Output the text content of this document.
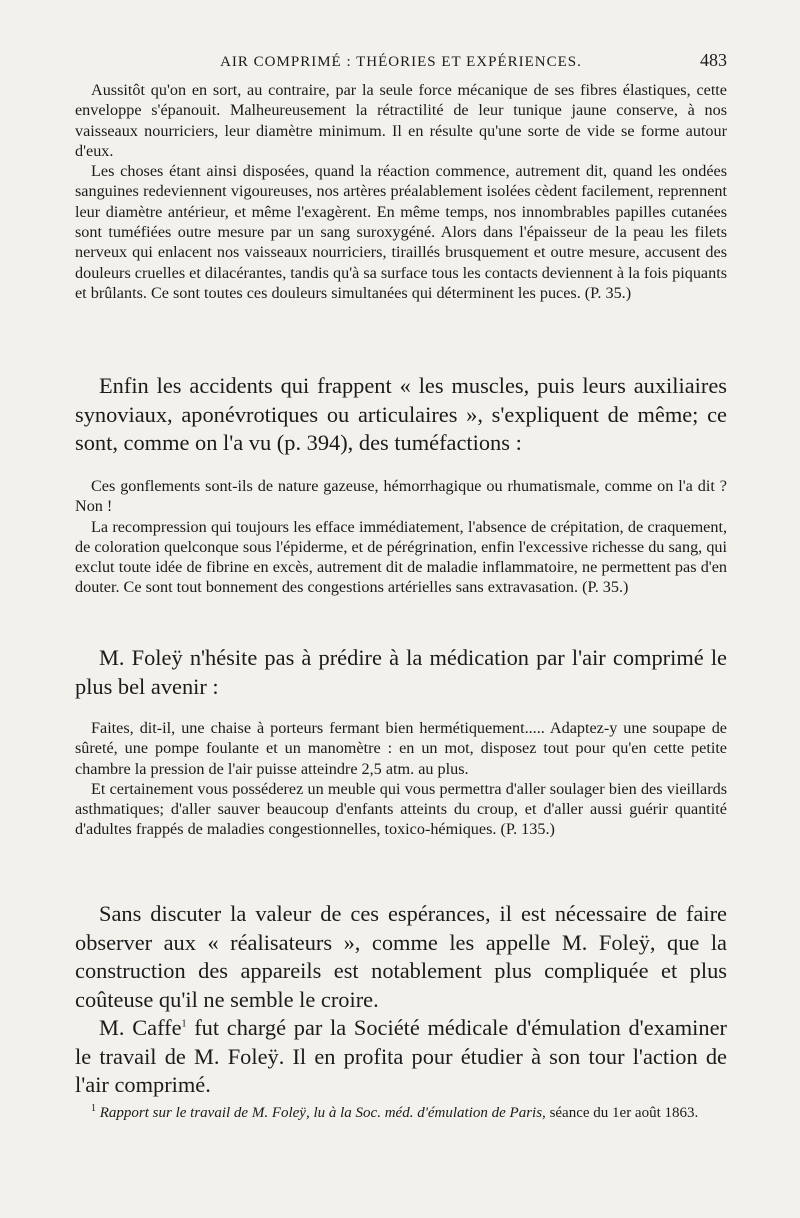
AIR COMPRIMÉ : THÉORIES ET EXPÉRIENCES.	483

Aussitôt qu'on en sort, au contraire, par la seule force mécanique de ses fibres élastiques, cette enveloppe s'épanouit. Malheureusement la rétractilité de leur tunique jaune conserve, à nos vaisseaux nourriciers, leur diamètre minimum. Il en résulte qu'une sorte de vide se forme autour d'eux.

Les choses étant ainsi disposées, quand la réaction commence, autrement dit, quand les ondées sanguines redeviennent vigoureuses, nos artères préalablement isolées cèdent facilement, reprennent leur diamètre antérieur, et même l'exagèrent. En même temps, nos innombrables papilles cutanées sont tuméfiées outre mesure par un sang suroxygéné. Alors dans l'épaisseur de la peau les filets nerveux qui enlacent nos vaisseaux nourriciers, tiraillés brusquement et outre mesure, accusent des douleurs cruelles et dilacérantes, tandis qu'à sa surface tous les contacts deviennent à la fois piquants et brûlants. Ce sont toutes ces douleurs simultanées qui déterminent les puces. (P. 35.)

Enfin les accidents qui frappent « les muscles, puis leurs auxiliaires synoviaux, aponévrotiques ou articulaires », s'expliquent de même; ce sont, comme on l'a vu (p. 394), des tuméfactions :

Ces gonflements sont-ils de nature gazeuse, hémorrhagique ou rhumatismale, comme on l'a dit ? Non !

La recompression qui toujours les efface immédiatement, l'absence de crépitation, de craquement, de coloration quelconque sous l'épiderme, et de pérégrination, enfin l'excessive richesse du sang, qui exclut toute idée de fibrine en excès, autrement dit de maladie inflammatoire, ne permettent pas d'en douter. Ce sont tout bonnement des congestions artérielles sans extravasation. (P. 35.)

M. Foleÿ n'hésite pas à prédire à la médication par l'air comprimé le plus bel avenir :

Faites, dit-il, une chaise à porteurs fermant bien hermétiquement..... Adaptez-y une soupape de sûreté, une pompe foulante et un manomètre : en un mot, disposez tout pour qu'en cette petite chambre la pression de l'air puisse atteindre 2,5 atm. au plus.

Et certainement vous posséderez un meuble qui vous permettra d'aller soulager bien des vieillards asthmatiques; d'aller sauver beaucoup d'enfants atteints du croup, et d'aller aussi guérir quantité d'adultes frappés de maladies congestionnelles, toxico-hémiques. (P. 135.)

Sans discuter la valeur de ces espérances, il est nécessaire de faire observer aux « réalisateurs », comme les appelle M. Foleÿ, que la construction des appareils est notablement plus compliquée et plus coûteuse qu'il ne semble le croire.

M. Caffe$^1$ fut chargé par la Société médicale d'émulation d'examiner le travail de M. Foleÿ. Il en profita pour étudier à son tour l'action de l'air comprimé.

$^1$ Rapport sur le travail de M. Foleÿ, lu à la Soc. méd. d'émulation de Paris, séance du 1er août 1863.
